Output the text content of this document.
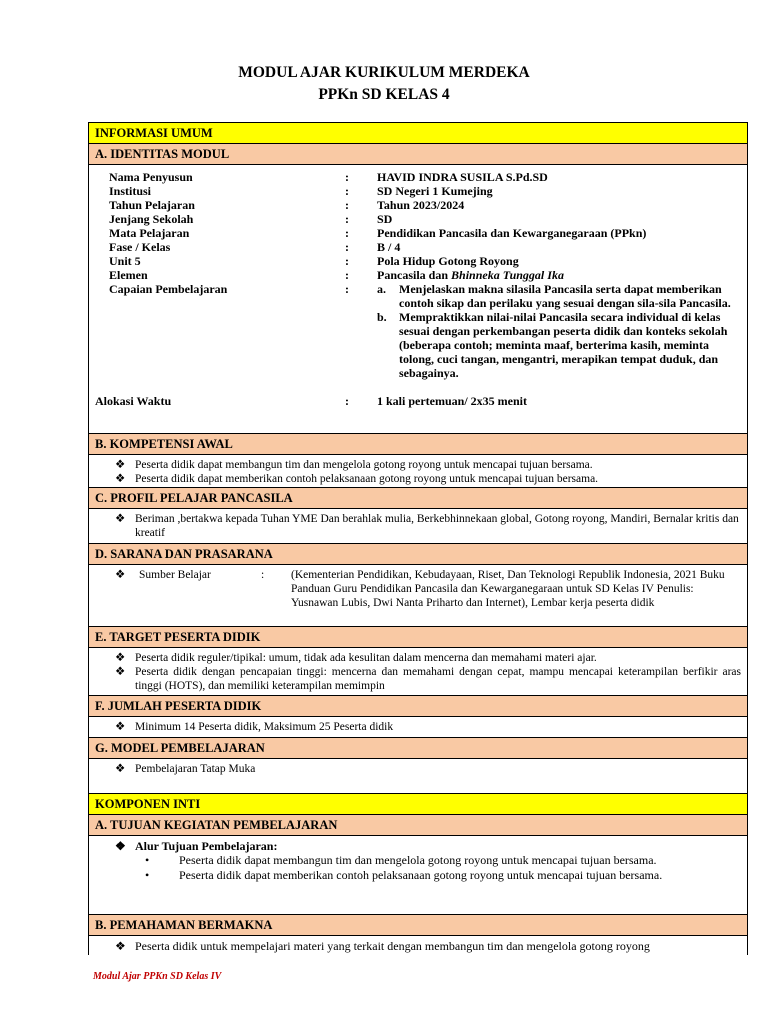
MODUL AJAR KURIKULUM MERDEKA
PPKn SD KELAS 4
INFORMASI UMUM
A. IDENTITAS MODUL
Nama Penyusun	:	HAVID INDRA SUSILA S.Pd.SD
Institusi	:	SD Negeri 1 Kumejing
Tahun Pelajaran	:	Tahun 2023/2024
Jenjang Sekolah	:	SD
Mata Pelajaran	:	Pendidikan Pancasila dan Kewarganegaraan (PPkn)
Fase / Kelas	:	B / 4
Unit 5	:	Pola Hidup Gotong Royong
Elemen	:	Pancasila dan Bhinneka Tunggal Ika
Capaian Pembelajaran	:	a.	Menjelaskan makna silasila Pancasila serta dapat memberikan contoh sikap dan perilaku yang sesuai dengan sila-sila Pancasila.
b.	Mempraktikkan nilai-nilai Pancasila secara individual di kelas sesuai dengan perkembangan peserta didik dan konteks sekolah (beberapa contoh; meminta maaf, berterima kasih, meminta tolong, cuci tangan, mengantri, merapikan tempat duduk, dan sebagainya.
Alokasi Waktu	:	1 kali pertemuan/ 2x35 menit
B. KOMPETENSI AWAL
❖ Peserta didik dapat membangun tim dan mengelola gotong royong untuk mencapai tujuan bersama.
❖ Peserta didik dapat memberikan contoh pelaksanaan gotong royong untuk mencapai tujuan bersama.
C. PROFIL PELAJAR PANCASILA
❖ Beriman ,bertakwa kepada Tuhan YME Dan berahlak mulia, Berkebhinnekaan global, Gotong royong, Mandiri, Bernalar kritis dan kreatif
D. SARANA DAN PRASARANA
❖	Sumber Belajar	:	(Kementerian Pendidikan, Kebudayaan, Riset, Dan Teknologi Republik Indonesia, 2021 Buku Panduan Guru Pendidikan Pancasila dan Kewarganegaraan untuk SD Kelas IV Penulis: Yusnawan Lubis, Dwi Nanta Priharto dan Internet), Lembar kerja peserta didik
E. TARGET PESERTA DIDIK
❖ Peserta didik reguler/tipikal: umum, tidak ada kesulitan dalam mencerna dan memahami materi ajar.
❖ Peserta didik dengan pencapaian tinggi: mencerna dan memahami dengan cepat, mampu mencapai keterampilan berfikir aras tinggi (HOTS), dan memiliki keterampilan memimpin
F. JUMLAH PESERTA DIDIK
❖ Minimum 14 Peserta didik, Maksimum 25 Peserta didik
G. MODEL PEMBELAJARAN
❖ Pembelajaran Tatap Muka
KOMPONEN INTI
A. TUJUAN KEGIATAN PEMBELAJARAN
❖ Alur Tujuan Pembelajaran:
•	Peserta didik dapat membangun tim dan mengelola gotong royong untuk mencapai tujuan bersama.
•	Peserta didik dapat memberikan contoh pelaksanaan gotong royong untuk mencapai tujuan bersama.
B. PEMAHAMAN BERMAKNA
❖ Peserta didik untuk mempelajari materi yang terkait dengan membangun tim dan mengelola gotong royong
Modul Ajar PPKn SD Kelas IV
